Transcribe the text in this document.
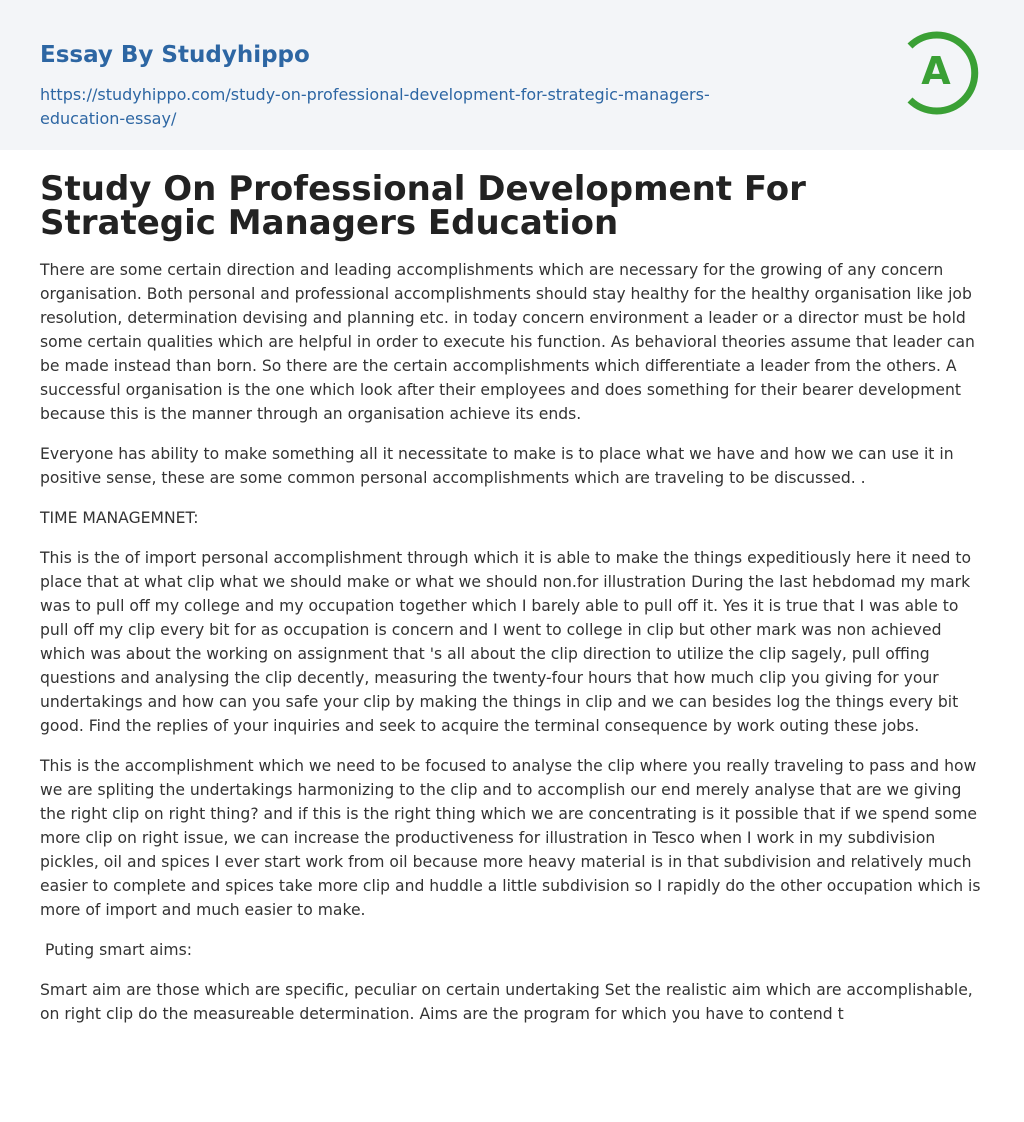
Essay By Studyhippo
https://studyhippo.com/study-on-professional-development-for-strategic-managers-education-essay/
A
Study On Professional Development For Strategic Managers Education

There are some certain direction and leading accomplishments which are necessary for the growing of any concern organisation. Both personal and professional accomplishments should stay healthy for the healthy organisation like job resolution, determination devising and planning etc. in today concern environment a leader or a director must be hold some certain qualities which are helpful in order to execute his function. As behavioral theories assume that leader can be made instead than born. So there are the certain accomplishments which differentiate a leader from the others. A successful organisation is the one which look after their employees and does something for their bearer development because this is the manner through an organisation achieve its ends.

Everyone has ability to make something all it necessitate to make is to place what we have and how we can use it in positive sense, these are some common personal accomplishments which are traveling to be discussed. .

TIME MANAGEMNET:

This is the of import personal accomplishment through which it is able to make the things expeditiously here it need to place that at what clip what we should make or what we should non.for illustration During the last hebdomad my mark was to pull off my college and my occupation together which I barely able to pull off it. Yes it is true that I was able to pull off my clip every bit for as occupation is concern and I went to college in clip but other mark was non achieved which was about the working on assignment that 's all about the clip direction to utilize the clip sagely, pull offing questions and analysing the clip decently, measuring the twenty-four hours that how much clip you giving for your undertakings and how can you safe your clip by making the things in clip and we can besides log the things every bit good. Find the replies of your inquiries and seek to acquire the terminal consequence by work outing these jobs.

This is the accomplishment which we need to be focused to analyse the clip where you really traveling to pass and how we are spliting the undertakings harmonizing to the clip and to accomplish our end merely analyse that are we giving the right clip on right thing? and if this is the right thing which we are concentrating is it possible that if we spend some more clip on right issue, we can increase the productiveness for illustration in Tesco when I work in my subdivision pickles, oil and spices I ever start work from oil because more heavy material is in that subdivision and relatively much easier to complete and spices take more clip and huddle a little subdivision so I rapidly do the other occupation which is more of import and much easier to make.

Puting smart aims:

Smart aim are those which are specific, peculiar on certain undertaking Set the realistic aim which are accomplishable, on right clip do the measureable determination. Aims are the program for which you have to contend t
